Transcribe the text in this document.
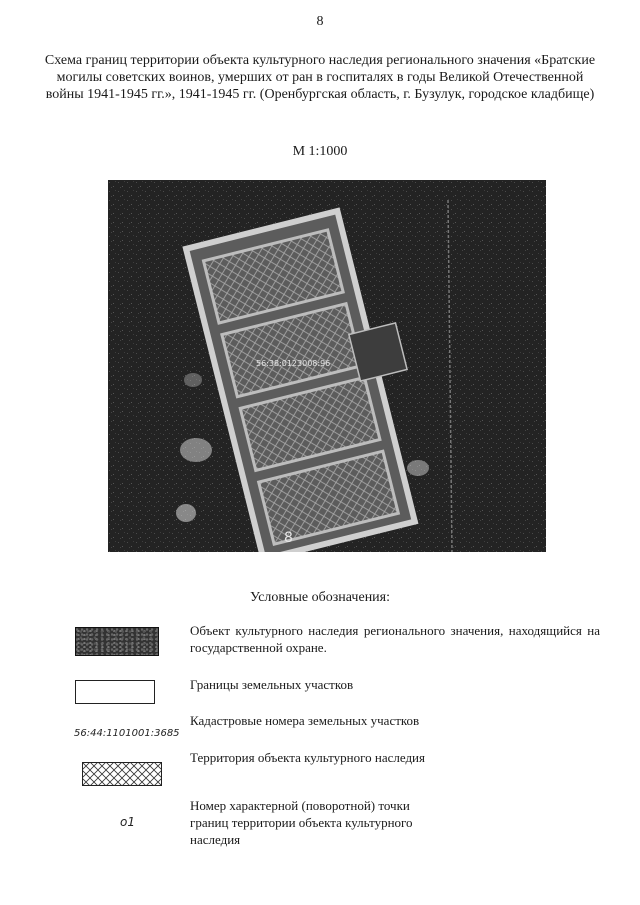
8
Схема границ территории объекта культурного наследия регионального значения «Братские могилы советских воинов, умерших от ран в госпиталях в годы Великой Отечественной войны 1941-1945 гг.», 1941-1945 гг. (Оренбургская область, г. Бузулук, городское кладбище)
М 1:1000
56:38:0123008:96
8
Условные обозначения:
Объект культурного наследия регионального значения, находящийся на государственной охране.
Границы земельных участков
56:44:1101001:3685
Кадастровые номера земельных участков
Территория объекта культурного наследия
о1
Номер характерной (поворотной) точки границ территории объекта культурного наследия
